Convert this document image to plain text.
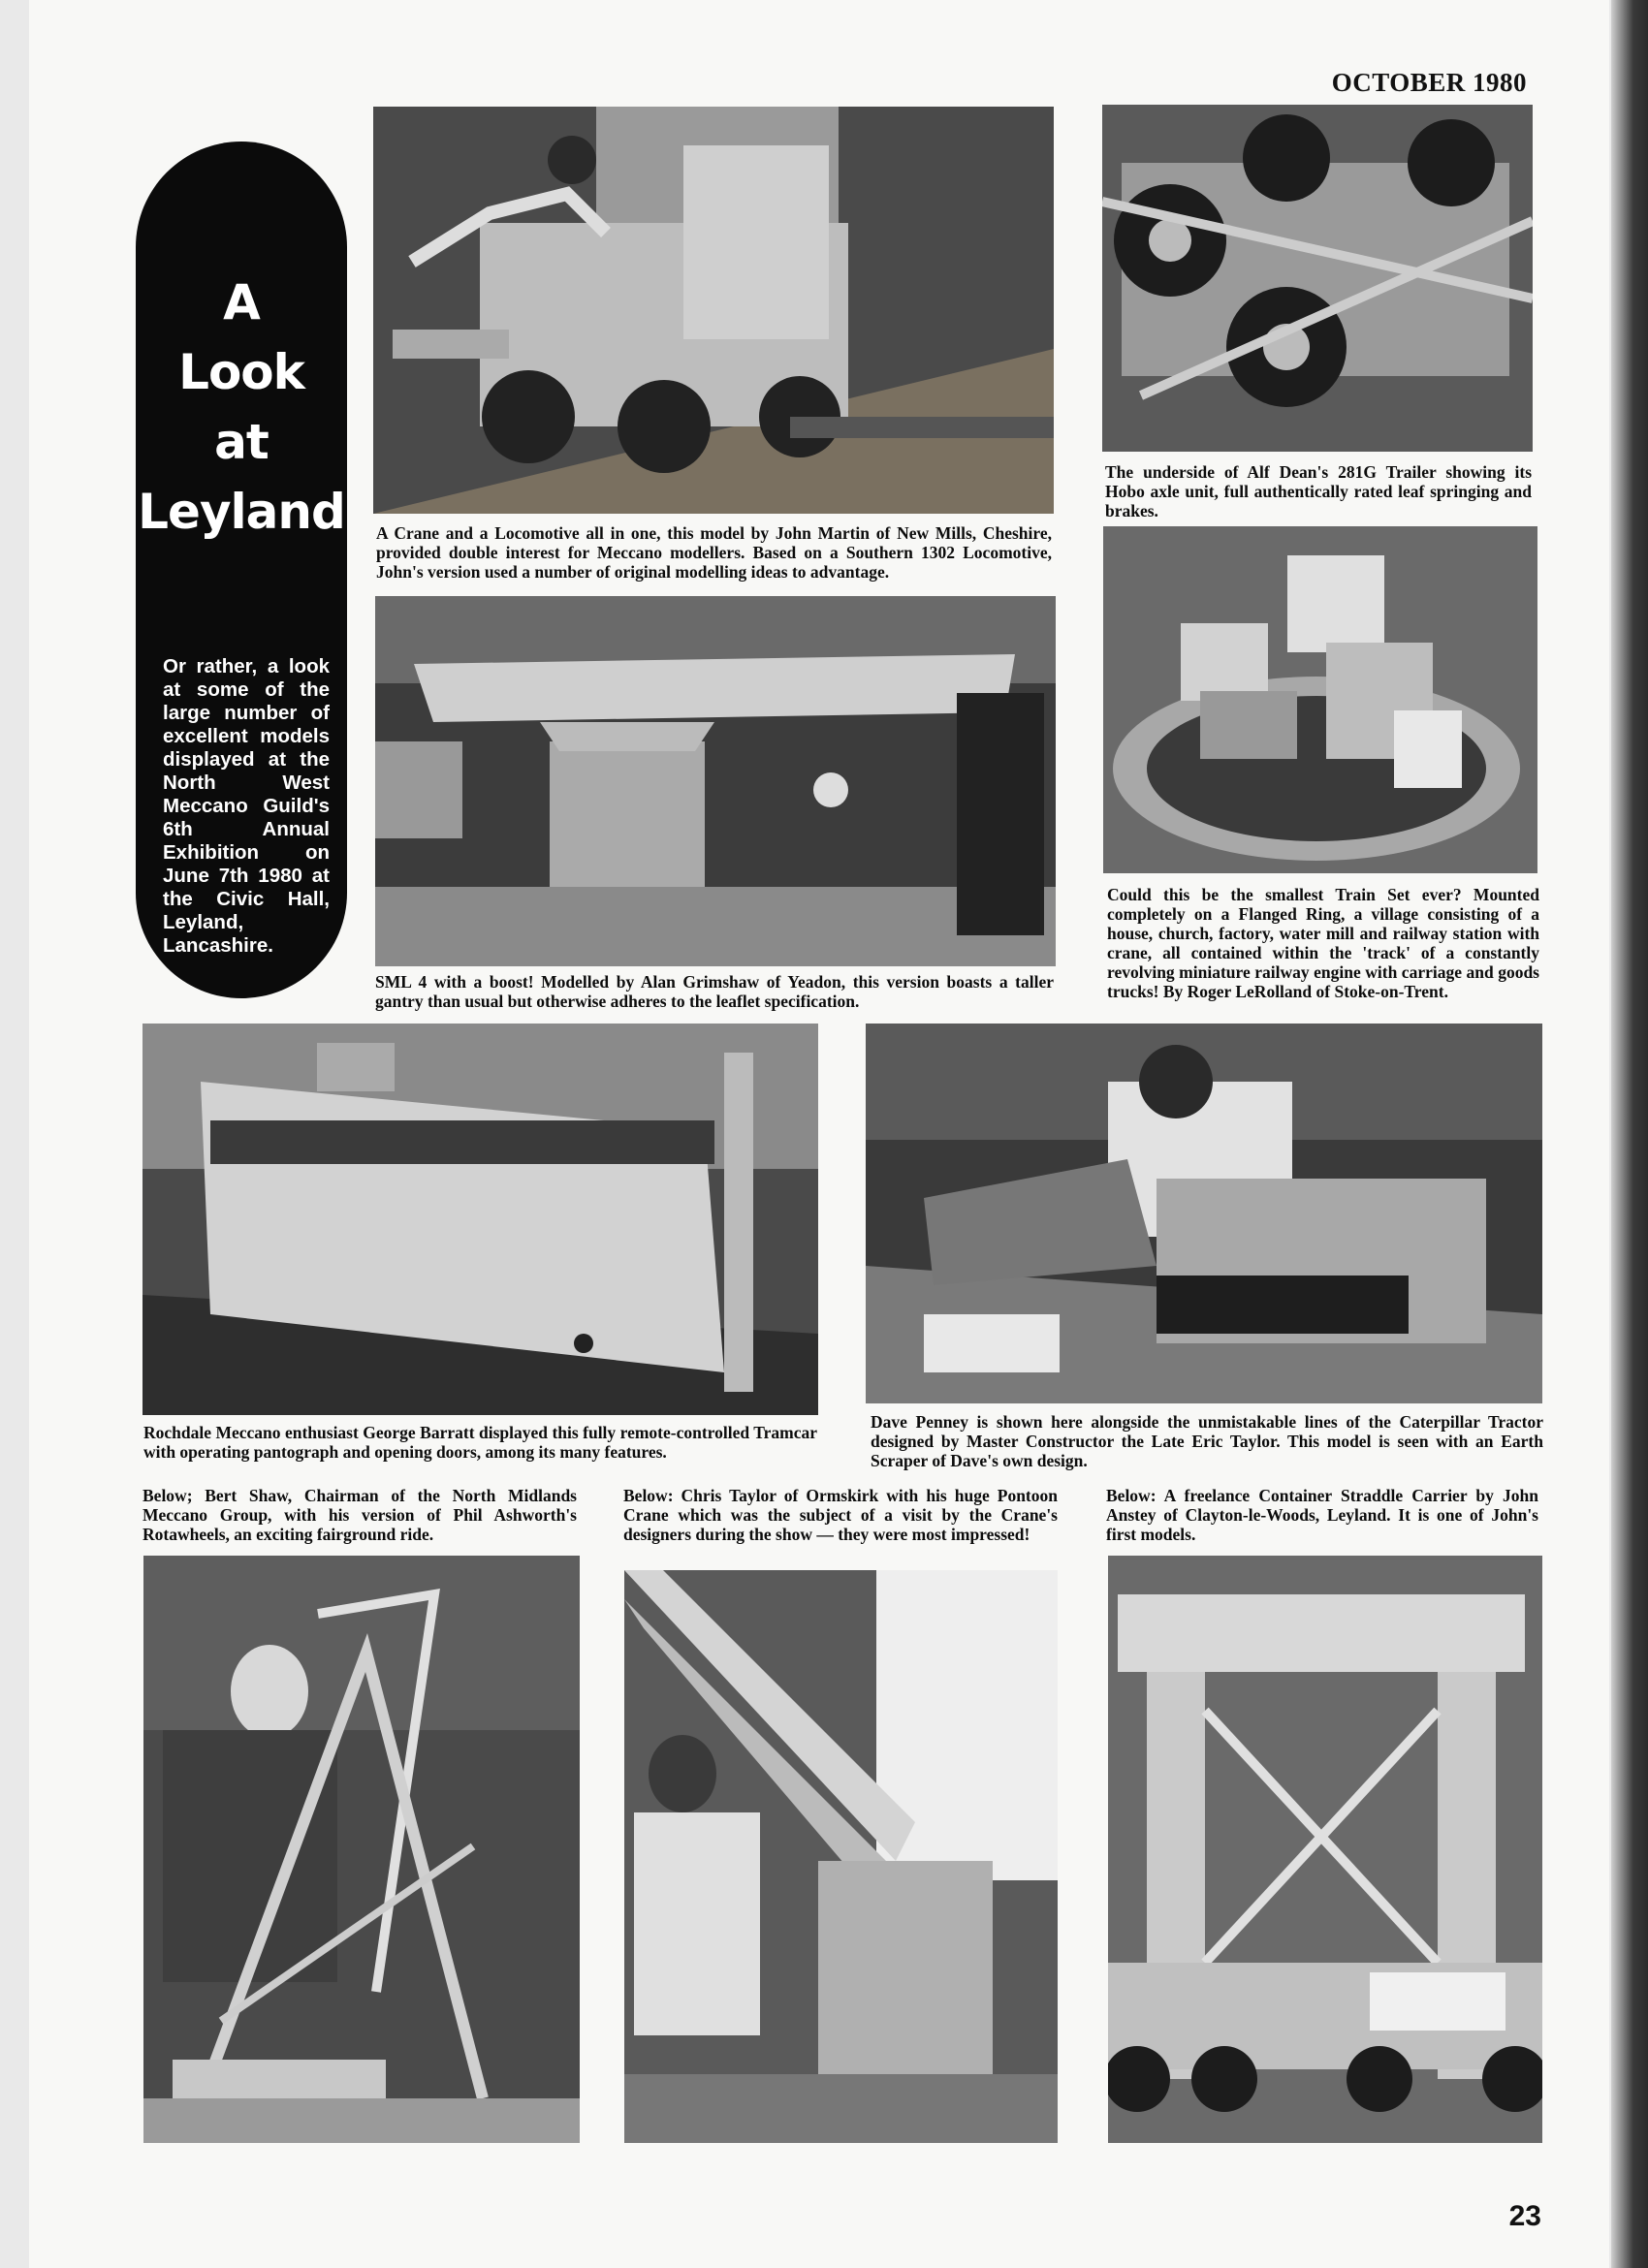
OCTOBER 1980
A
Look
at
Leyland
Or rather, a look at some of the large number of excellent models displayed at the North West Meccano Guild's 6th Annual Exhibition on June 7th 1980 at the Civic Hall, Leyland, Lancashire.

A Crane and a Locomotive all in one, this model by John Martin of New Mills, Cheshire, provided double interest for Meccano modellers. Based on a Southern 1302 Locomotive, John's version used a number of original modelling ideas to advantage.

The underside of Alf Dean's 281G Trailer showing its Hobo axle unit, full authentically rated leaf springing and brakes.

SML 4 with a boost! Modelled by Alan Grimshaw of Yeadon, this version boasts a taller gantry than usual but otherwise adheres to the leaflet specification.

Could this be the smallest Train Set ever? Mounted completely on a Flanged Ring, a village consisting of a house, church, factory, water mill and railway station with crane, all contained within the 'track' of a constantly revolving miniature railway engine with carriage and goods trucks! By Roger LeRolland of Stoke-on-Trent.

Rochdale Meccano enthusiast George Barratt displayed this fully remote-controlled Tramcar with operating pantograph and opening doors, among its many features.

Dave Penney is shown here alongside the unmistakable lines of the Caterpillar Tractor designed by Master Constructor the Late Eric Taylor. This model is seen with an Earth Scraper of Dave's own design.

Below; Bert Shaw, Chairman of the North Midlands Meccano Group, with his version of Phil Ashworth's Rotawheels, an exciting fairground ride.

Below: Chris Taylor of Ormskirk with his huge Pontoon Crane which was the subject of a visit by the Crane's designers during the show — they were most impressed!

Below: A freelance Container Straddle Carrier by John Anstey of Clayton-le-Woods, Leyland. It is one of John's first models.

23
